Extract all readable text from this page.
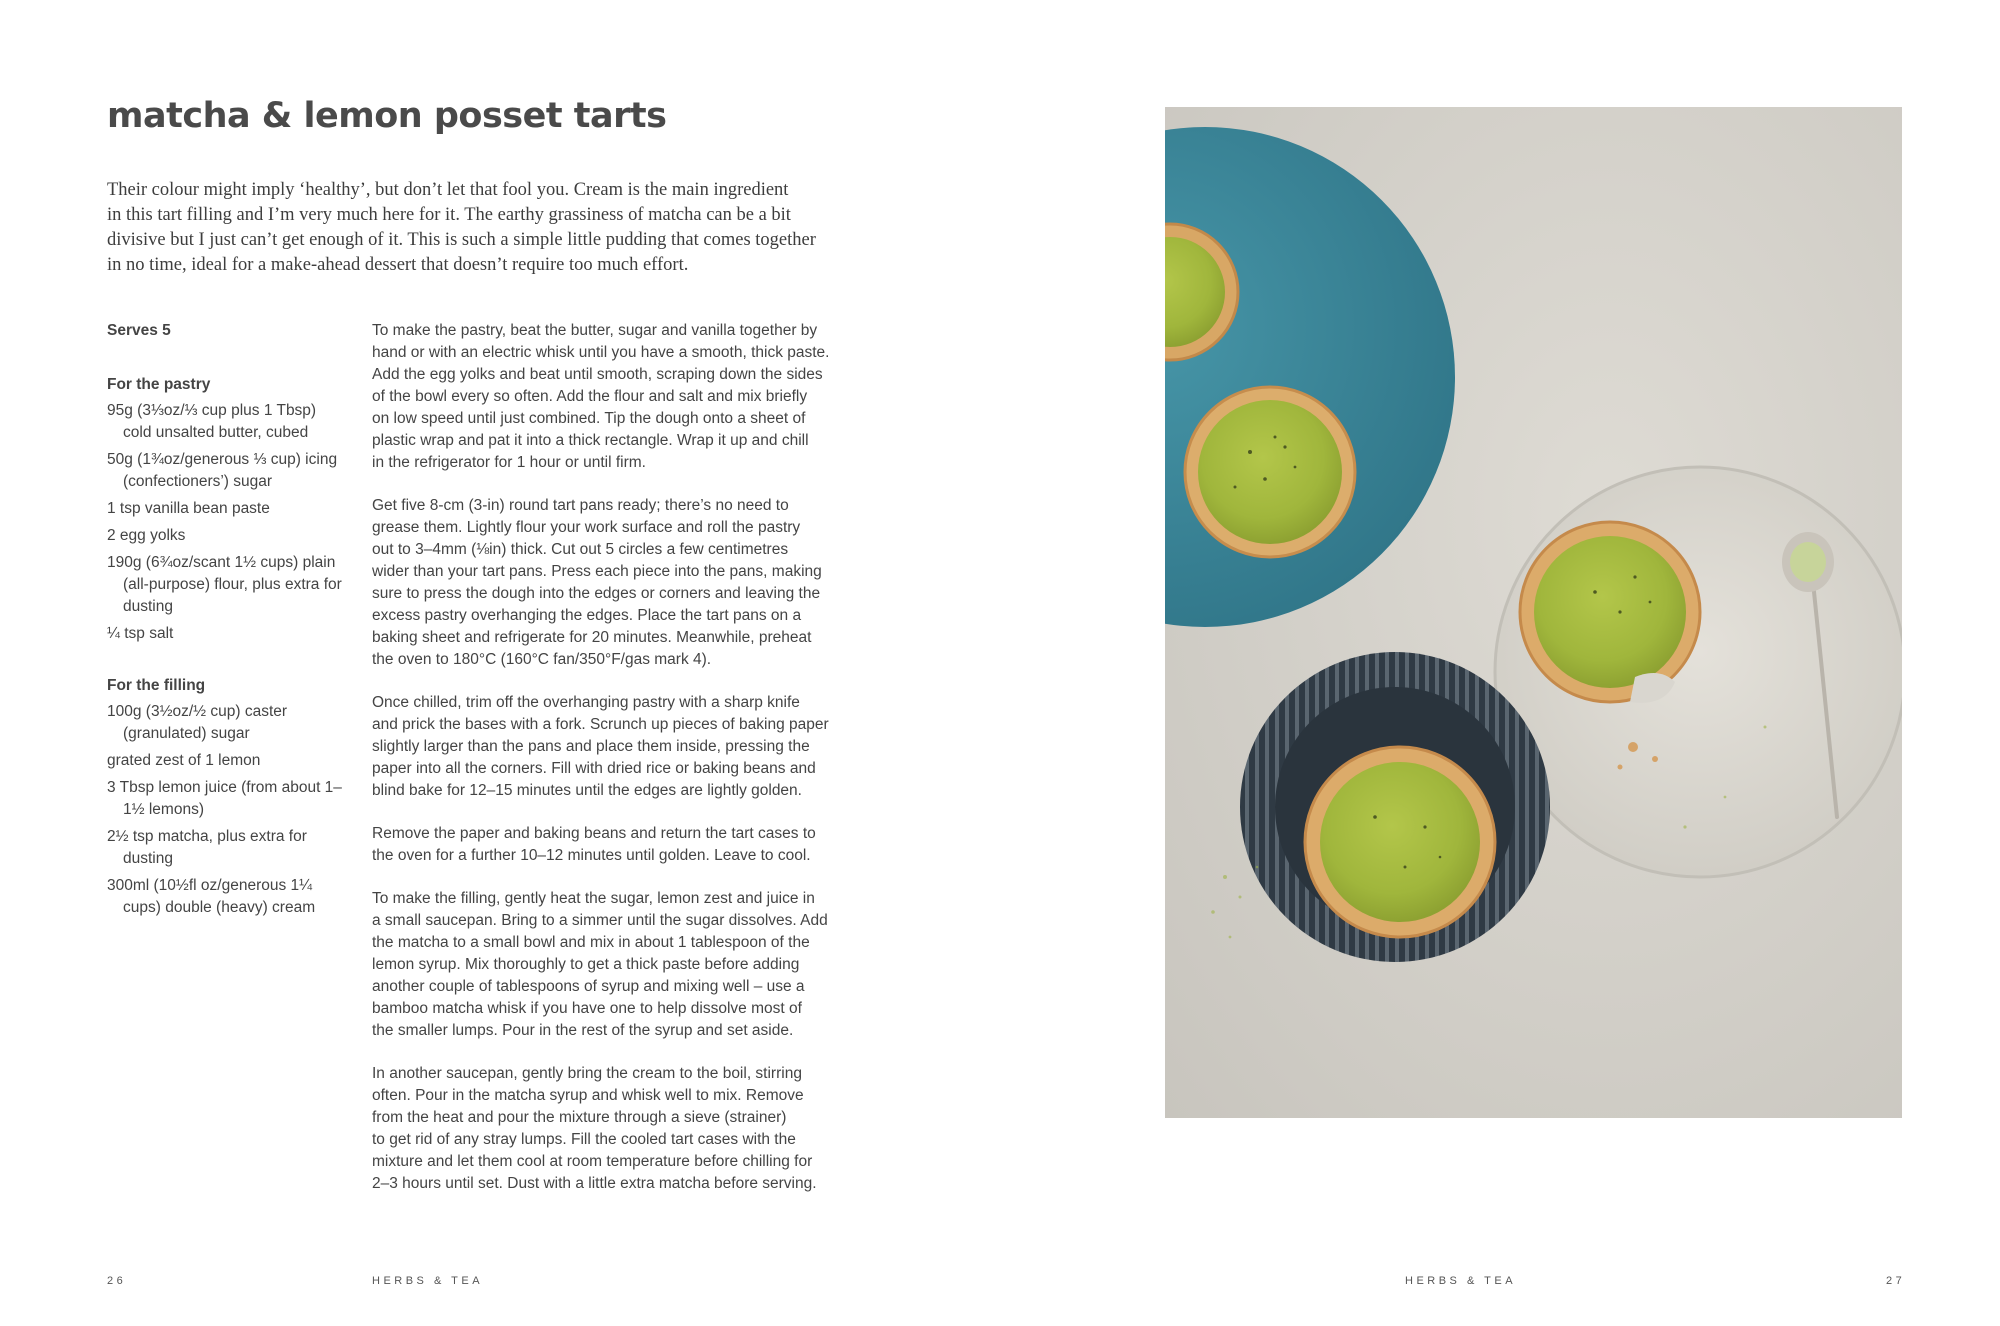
matcha & lemon posset tarts

Their colour might imply ‘healthy’, but don’t let that fool you. Cream is the main ingredient
in this tart filling and I’m very much here for it. The earthy grassiness of matcha can be a bit
divisive but I just can’t get enough of it. This is such a simple little pudding that comes together
in no time, ideal for a make-ahead dessert that doesn’t require too much effort.

Serves 5

For the pastry

95g (3⅓oz/⅓ cup plus 1 Tbsp) cold unsalted butter, cubed
50g (1¾oz/generous ⅓ cup) icing (confectioners’) sugar
1 tsp vanilla bean paste
2 egg yolks
190g (6¾oz/scant 1½ cups) plain (all-purpose) flour, plus extra for dusting
¼ tsp salt

For the filling

100g (3½oz/½ cup) caster (granulated) sugar
grated zest of 1 lemon
3 Tbsp lemon juice (from about 1–1½ lemons)
2½ tsp matcha, plus extra for dusting
300ml (10½fl oz/generous 1¼ cups) double (heavy) cream

To make the pastry, beat the butter, sugar and vanilla together by
hand or with an electric whisk until you have a smooth, thick paste.
Add the egg yolks and beat until smooth, scraping down the sides
of the bowl every so often. Add the flour and salt and mix briefly
on low speed until just combined. Tip the dough onto a sheet of
plastic wrap and pat it into a thick rectangle. Wrap it up and chill
in the refrigerator for 1 hour or until firm.

Get five 8-cm (3-in) round tart pans ready; there’s no need to
grease them. Lightly flour your work surface and roll the pastry
out to 3–4mm (⅛in) thick. Cut out 5 circles a few centimetres
wider than your tart pans. Press each piece into the pans, making
sure to press the dough into the edges or corners and leaving the
excess pastry overhanging the edges. Place the tart pans on a
baking sheet and refrigerate for 20 minutes. Meanwhile, preheat
the oven to 180°C (160°C fan/350°F/gas mark 4).

Once chilled, trim off the overhanging pastry with a sharp knife
and prick the bases with a fork. Scrunch up pieces of baking paper
slightly larger than the pans and place them inside, pressing the
paper into all the corners. Fill with dried rice or baking beans and
blind bake for 12–15 minutes until the edges are lightly golden.

Remove the paper and baking beans and return the tart cases to
the oven for a further 10–12 minutes until golden. Leave to cool.

To make the filling, gently heat the sugar, lemon zest and juice in
a small saucepan. Bring to a simmer until the sugar dissolves. Add
the matcha to a small bowl and mix in about 1 tablespoon of the
lemon syrup. Mix thoroughly to get a thick paste before adding
another couple of tablespoons of syrup and mixing well – use a
bamboo matcha whisk if you have one to help dissolve most of
the smaller lumps. Pour in the rest of the syrup and set aside.

In another saucepan, gently bring the cream to the boil, stirring
often. Pour in the matcha syrup and whisk well to mix. Remove
from the heat and pour the mixture through a sieve (strainer)
to get rid of any stray lumps. Fill the cooled tart cases with the
mixture and let them cool at room temperature before chilling for
2–3 hours until set. Dust with a little extra matcha before serving.

26	HERBS & TEA	HERBS & TEA	27
